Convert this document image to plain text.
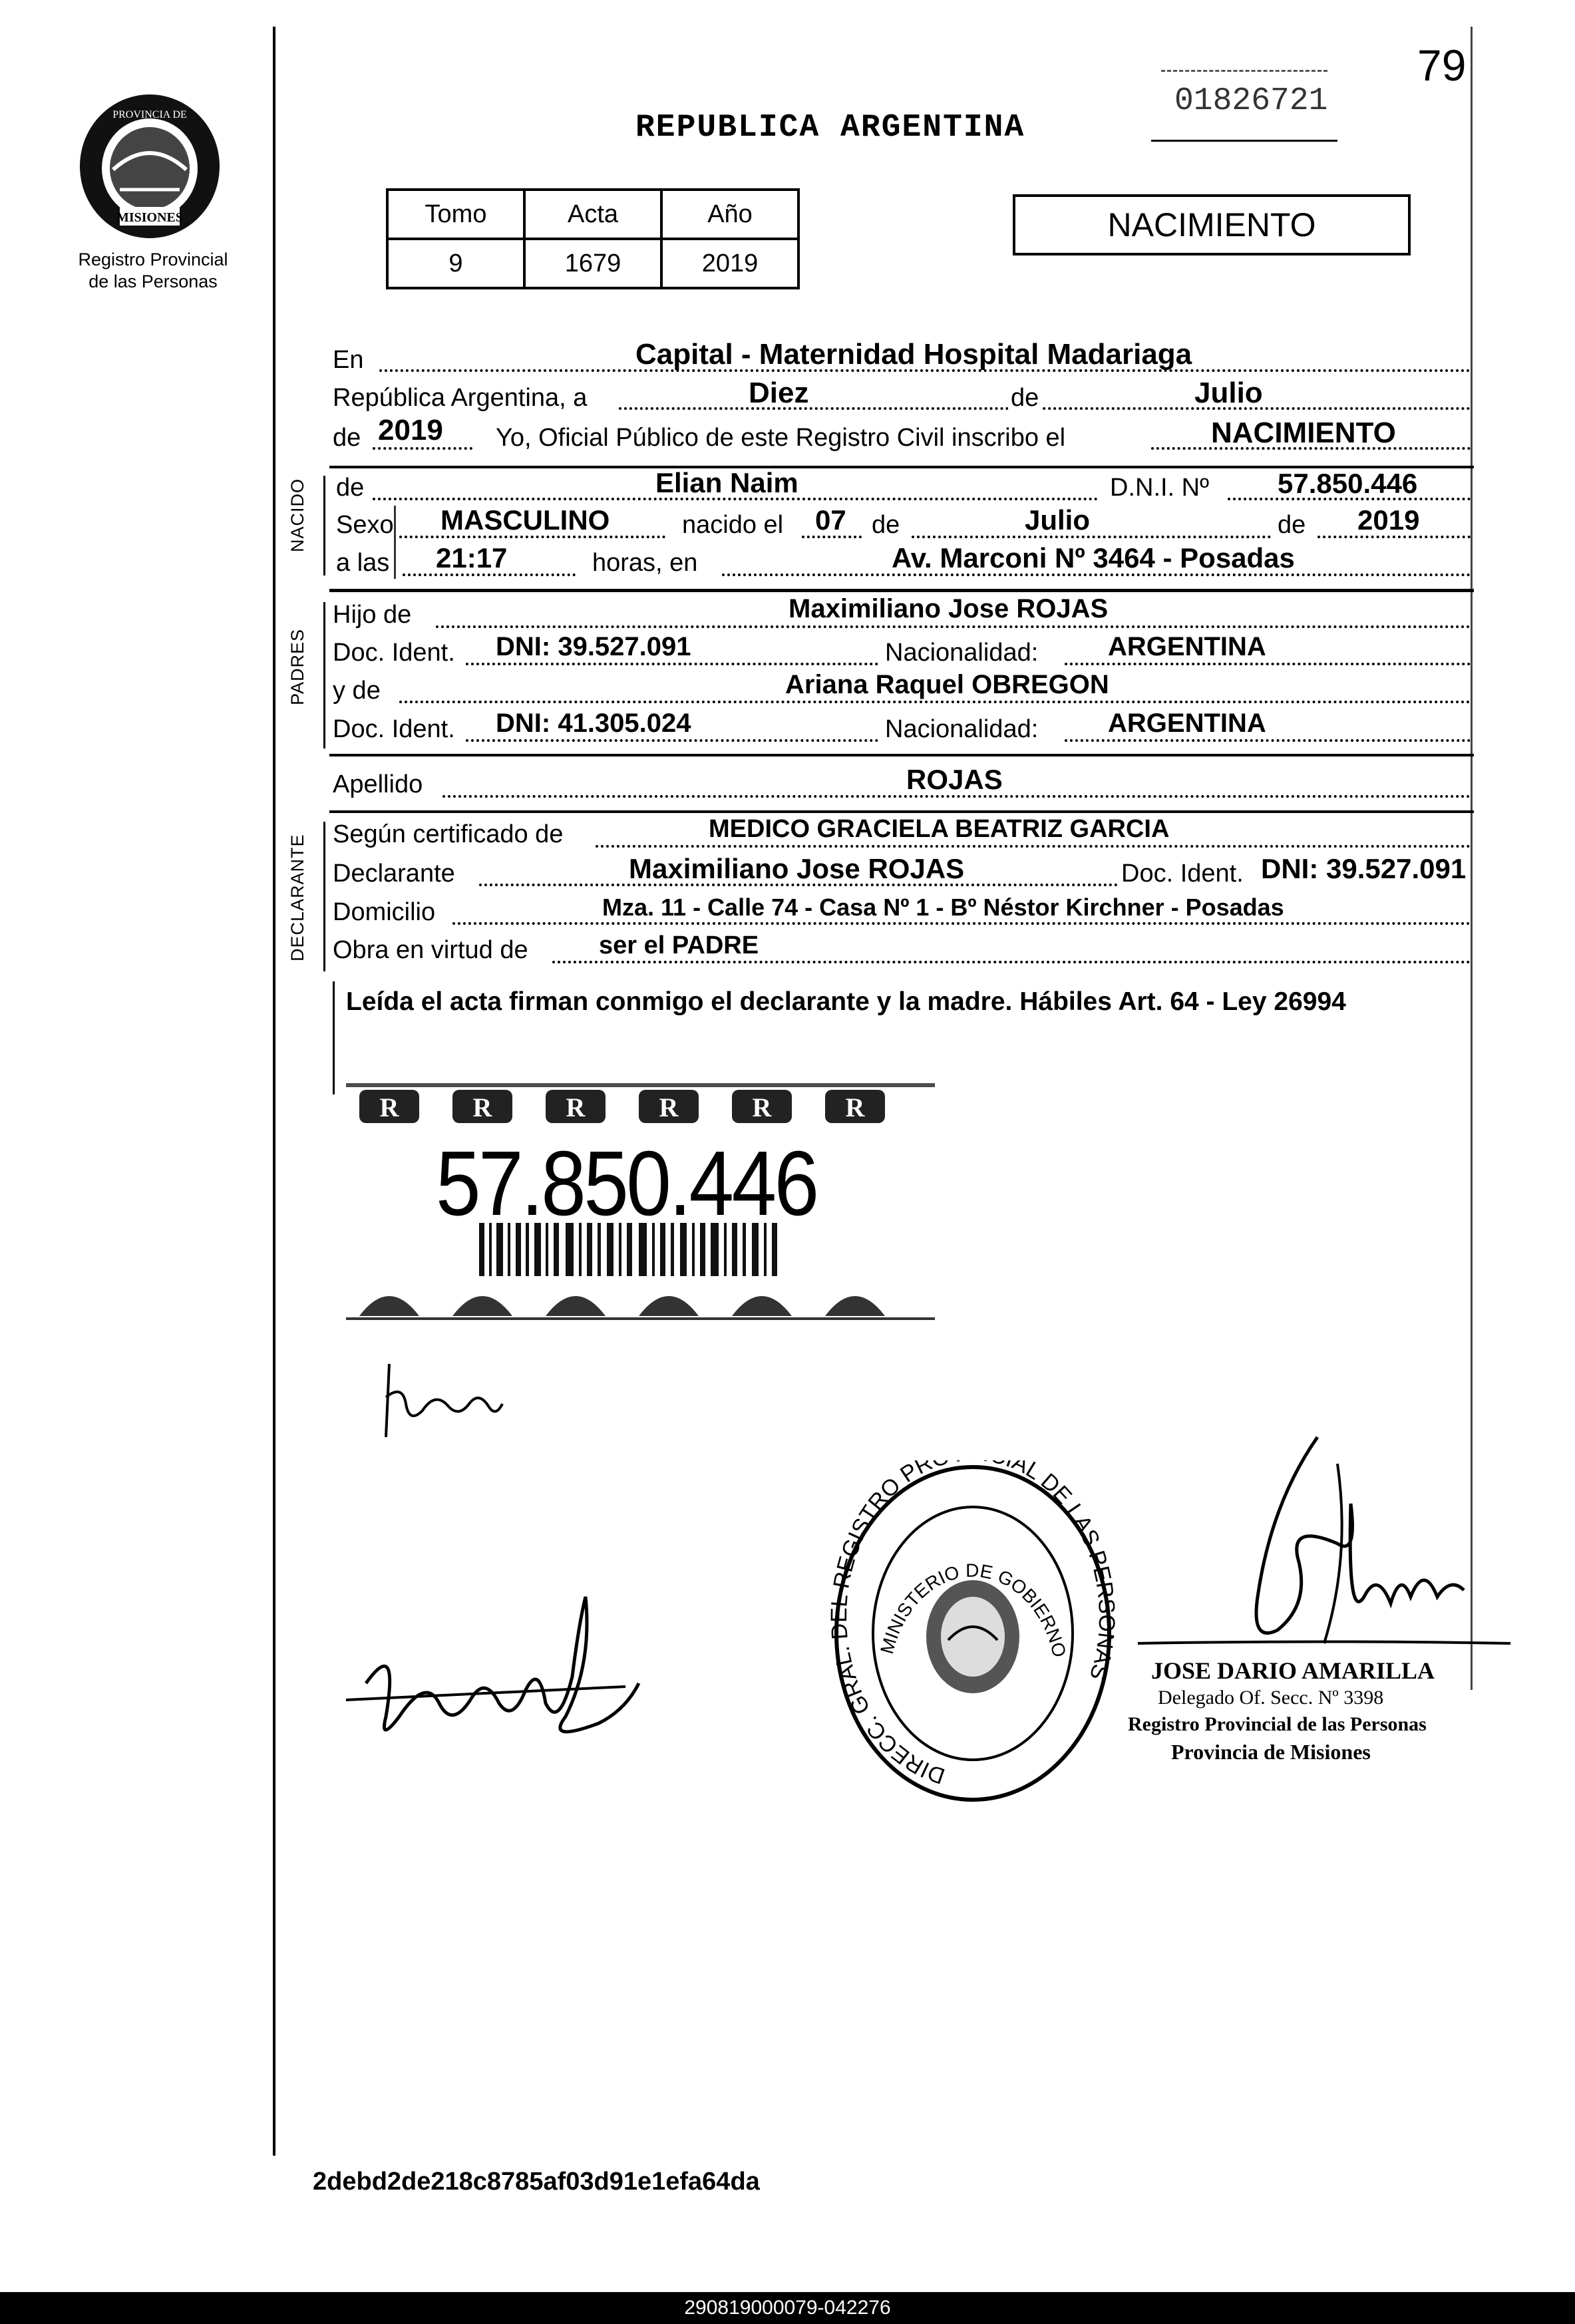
79
01826721
MISIONES
PROVINCIA DE
Registro Provincial
de las Personas
REPUBLICA ARGENTINA
NACIMIENTO
Tomo	Acta	Año
9	1679	2019
En	Capital - Maternidad Hospital Madariaga
República Argentina, a	Diez	de	Julio
de 2019 Yo, Oficial Público de este Registro Civil inscribo el	NACIMIENTO
NACIDO de	Elian Naim	D.N.I. Nº 57.850.446
Sexo MASCULINO	nacido el 07 de	Julio	de 2019
a las 21:17	horas, en	Av. Marconi Nº 3464 - Posadas
PADRES
Hijo de	Maximiliano Jose ROJAS
Doc. Ident. DNI: 39.527.091	Nacionalidad:	ARGENTINA
y de	Ariana Raquel OBREGON
Doc. Ident. DNI: 41.305.024	Nacionalidad:	ARGENTINA
Apellido	ROJAS
DECLARANTE Según certificado de	MEDICO GRACIELA BEATRIZ GARCIA
Declarante	Maximiliano Jose ROJAS	Doc. Ident. DNI: 39.527.091
Domicilio	Mza. 11 - Calle 74 - Casa Nº 1 - Bº Néstor Kirchner - Posadas
Obra en virtud de	ser el PADRE
Leída el acta firman conmigo el declarante y la madre. Hábiles Art. 64 - Ley 26994
R	R	R	R	R	R
57.850.446
DIRECC. GRAL. DEL REGISTRO PR AL DE LAS PERSONAS
MINISTERIO DE GOBIERNO
JOSE DARIO AMARILLA
Delegado Of. Secc. Nº 3398
Registro Provincial de las Personas
Provincia de Misiones
2debd2de218c8785af03d91e1efa64da
290819000079-042276
